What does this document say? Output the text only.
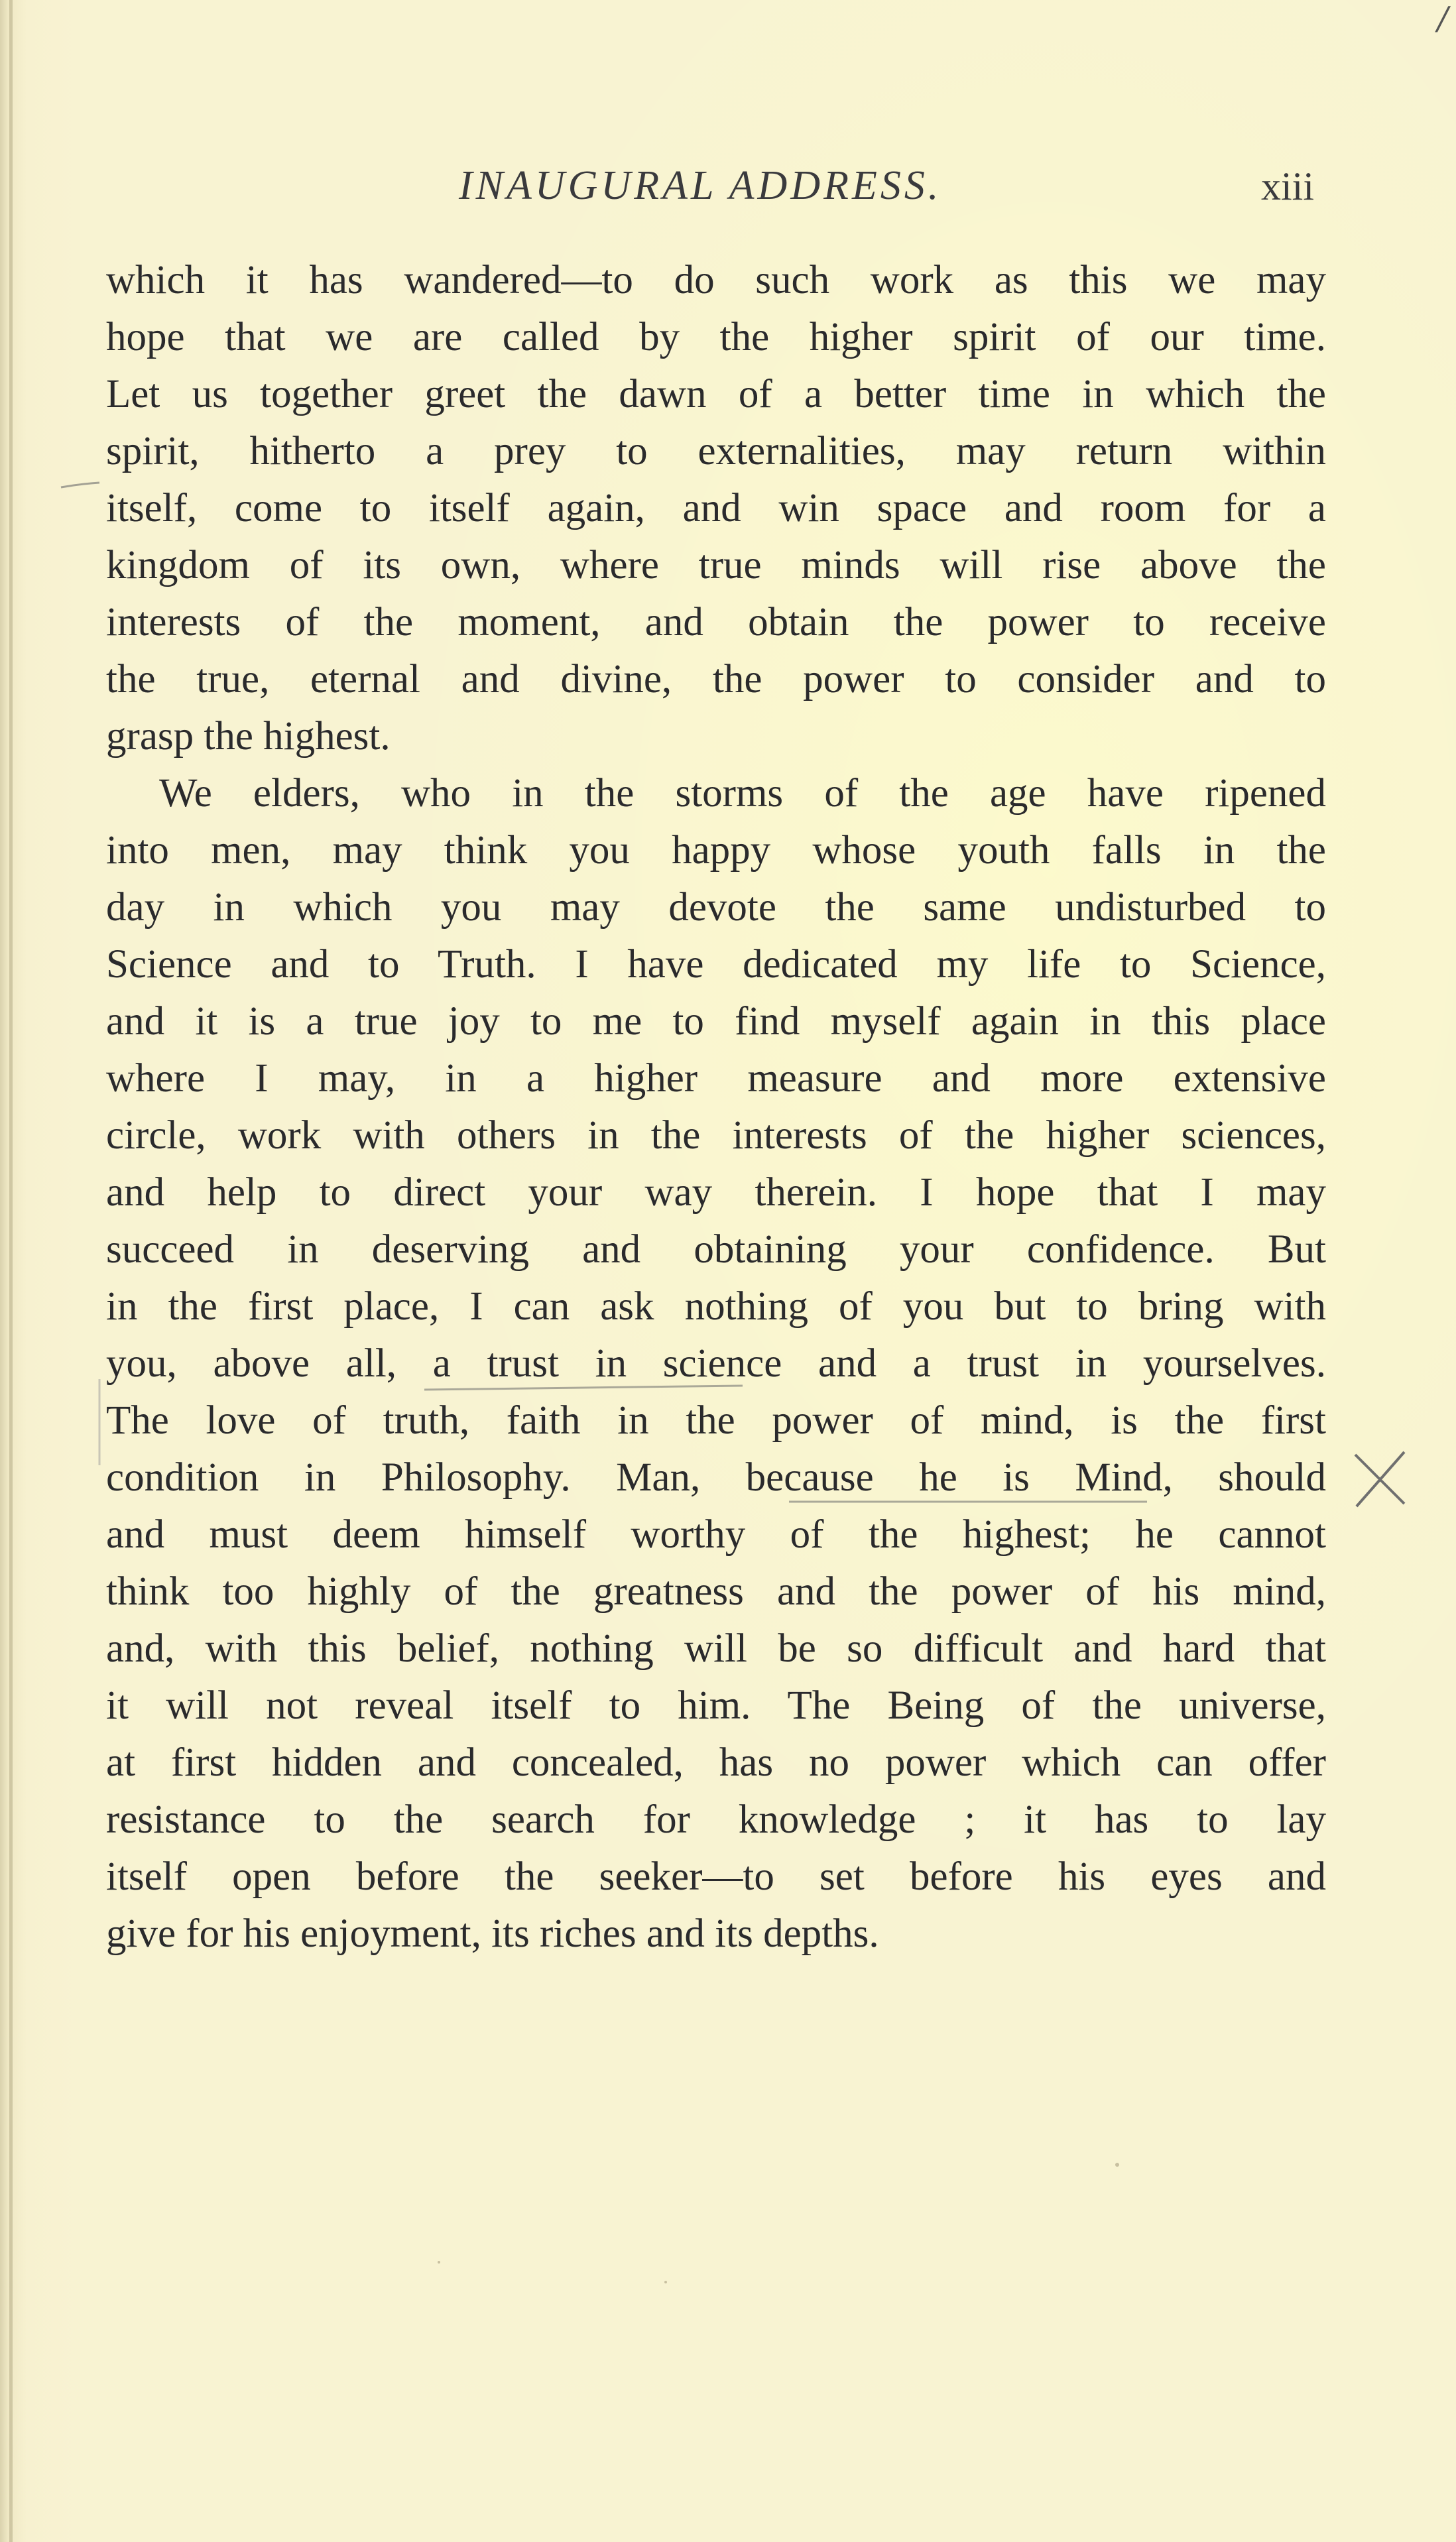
/
INAUGURAL ADDRESS.	xiii
which it has wandered—to do such work as this we may
hope that we are called by the higher spirit of our time.
Let us together greet the dawn of a better time in which the
spirit, hitherto a prey to externalities, may return within
itself, come to itself again, and win space and room for a
kingdom of its own, where true minds will rise above the
interests of the moment, and obtain the power to receive
the true, eternal and divine, the power to consider and to
grasp the highest.
We elders, who in the storms of the age have ripened
into men, may think you happy whose youth falls in the
day in which you may devote the same undisturbed to
Science and to Truth. I have dedicated my life to Science,
and it is a true joy to me to find myself again in this place
where I may, in a higher measure and more extensive
circle, work with others in the interests of the higher sciences,
and help to direct your way therein. I hope that I may
succeed in deserving and obtaining your confidence. But
in the first place, I can ask nothing of you but to bring with
you, above all, a trust in science and a trust in yourselves.
The love of truth, faith in the power of mind, is the first
condition in Philosophy. Man, because he is Mind, should
and must deem himself worthy of the highest; he cannot
think too highly of the greatness and the power of his mind,
and, with this belief, nothing will be so difficult and hard that
it will not reveal itself to him. The Being of the universe,
at first hidden and concealed, has no power which can offer
resistance to the search for knowledge ; it has to lay
itself open before the seeker—to set before his eyes and
give for his enjoyment, its riches and its depths.
